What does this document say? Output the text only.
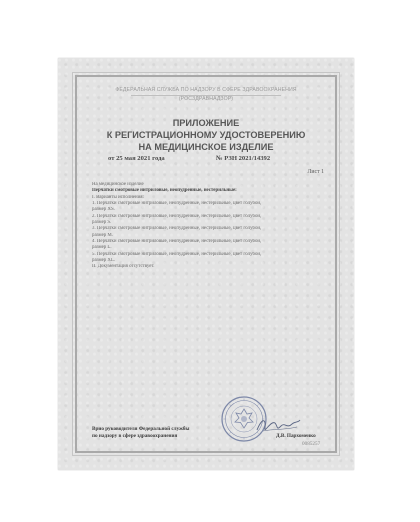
ФЕДЕРАЛЬНАЯ СЛУЖБА ПО НАДЗОРУ В СФЕРЕ ЗДРАВООХРАНЕНИЯ
(РОСЗДРАВНАДЗОР)
ПРИЛОЖЕНИЕ
К РЕГИСТРАЦИОННОМУ УДОСТОВЕРЕНИЮ
НА МЕДИЦИНСКОЕ ИЗДЕЛИЕ
от 25 мая 2021 года	№ РЗН 2021/14392
Лист 1
На медицинское изделие
Перчатки смотровые нитриловые, неопудренные, нестерильные:
I. Варианты исполнения:
1. Перчатки смотровые нитриловые, неопудренные, нестерильные, цвет голубой,
размер XS.
2. Перчатки смотровые нитриловые, неопудренные, нестерильные, цвет голубой,
размер S.
3. Перчатки смотровые нитриловые, неопудренные, нестерильные, цвет голубой,
размер M.
4. Перчатки смотровые нитриловые, неопудренные, нестерильные, цвет голубой,
размер L.
5. Перчатки смотровые нитриловые, неопудренные, нестерильные, цвет голубой,
размер XL.
II. Документация отсутствует.
Врио руководителя Федеральной службы
по надзору в сфере здравоохранения	Д.В. Пархоменко
0085257
